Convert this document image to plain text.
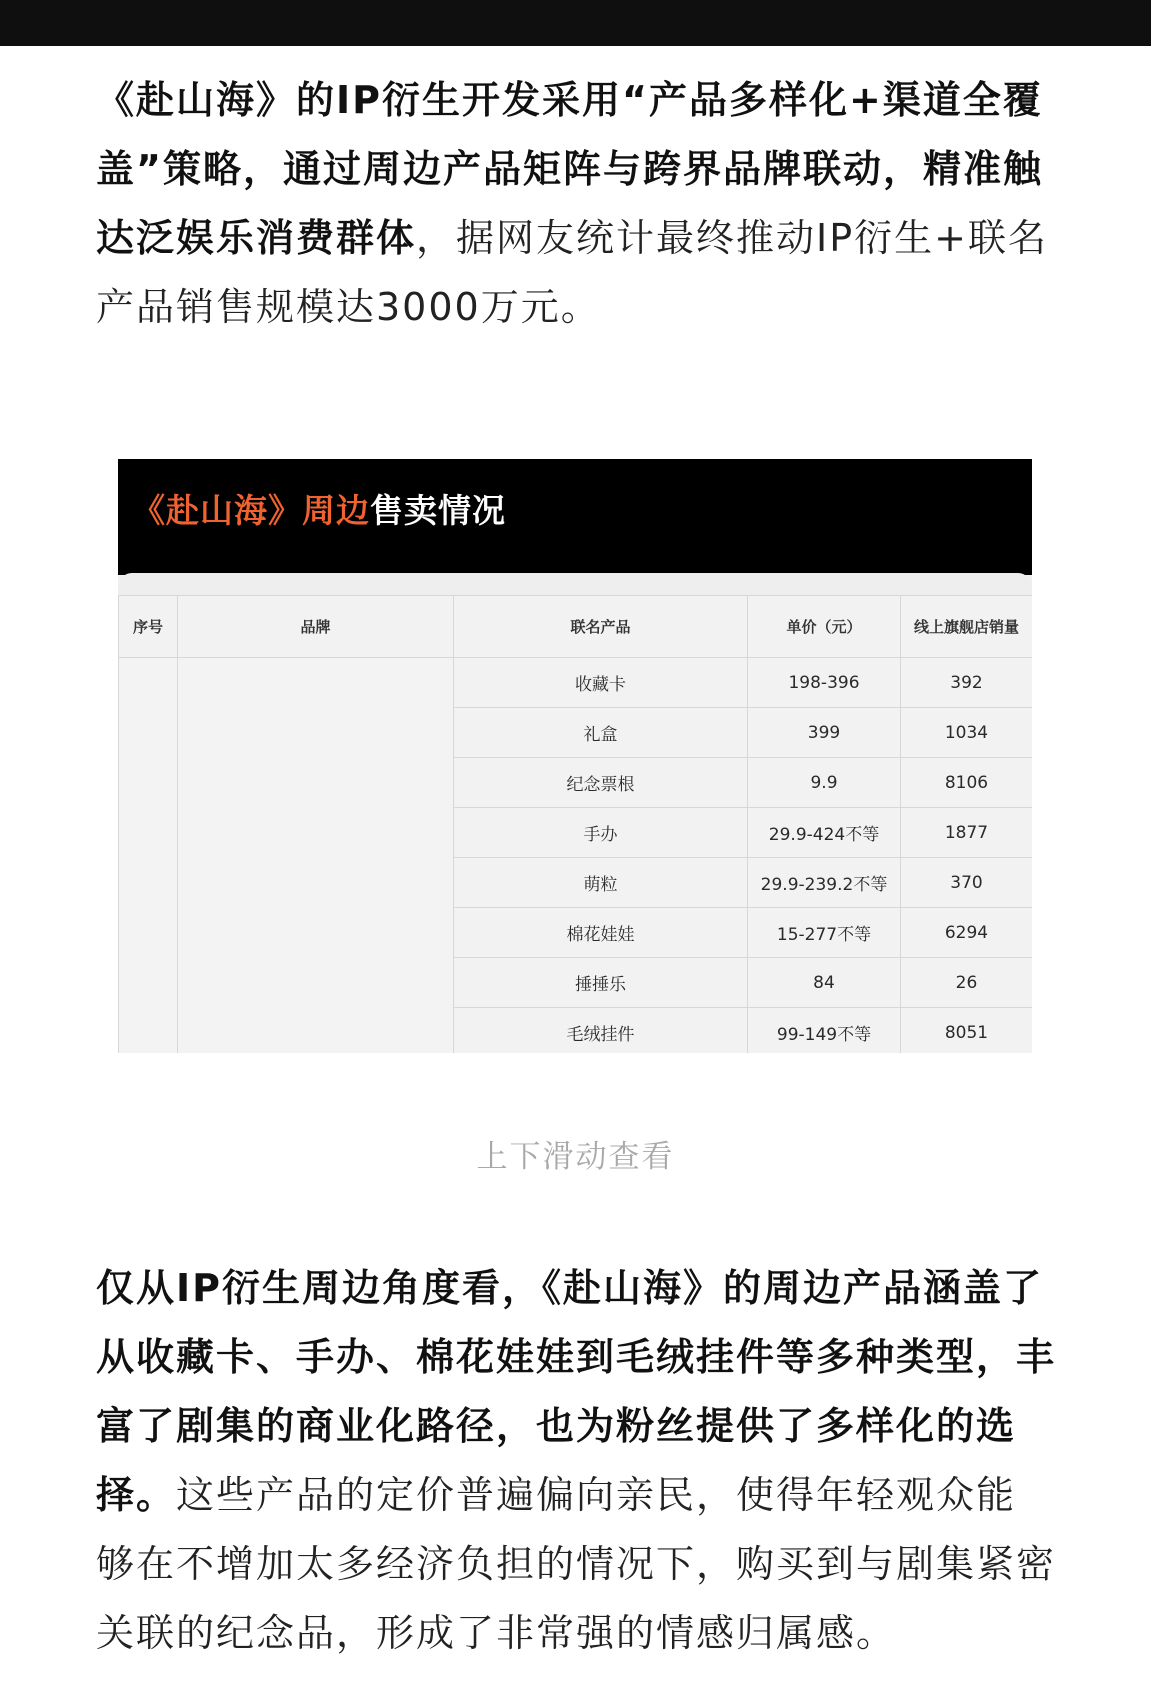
《赴山海》的IP衍生开发采用“产品多样化+渠道全覆盖”策略，通过周边产品矩阵与跨界品牌联动，精准触达泛娱乐消费群体，据网友统计最终推动IP衍生+联名产品销售规模达3000万元。

《赴山海》周边售卖情况
序号	品牌	联名产品	单价（元）	线上旗舰店销量
		收藏卡	198-396	392
		礼盒	399	1034
		纪念票根	9.9	8106
		手办	29.9-424不等	1877
		萌粒	29.9-239.2不等	370
		棉花娃娃	15-277不等	6294
		捶捶乐	84	26
		毛绒挂件	99-149不等	8051
上下滑动查看

仅从IP衍生周边角度看，《赴山海》的周边产品涵盖了从收藏卡、手办、棉花娃娃到毛绒挂件等多种类型，丰富了剧集的商业化路径，也为粉丝提供了多样化的选择。这些产品的定价普遍偏向亲民，使得年轻观众能够在不增加太多经济负担的情况下，购买到与剧集紧密关联的纪念品，形成了非常强的情感归属感。
